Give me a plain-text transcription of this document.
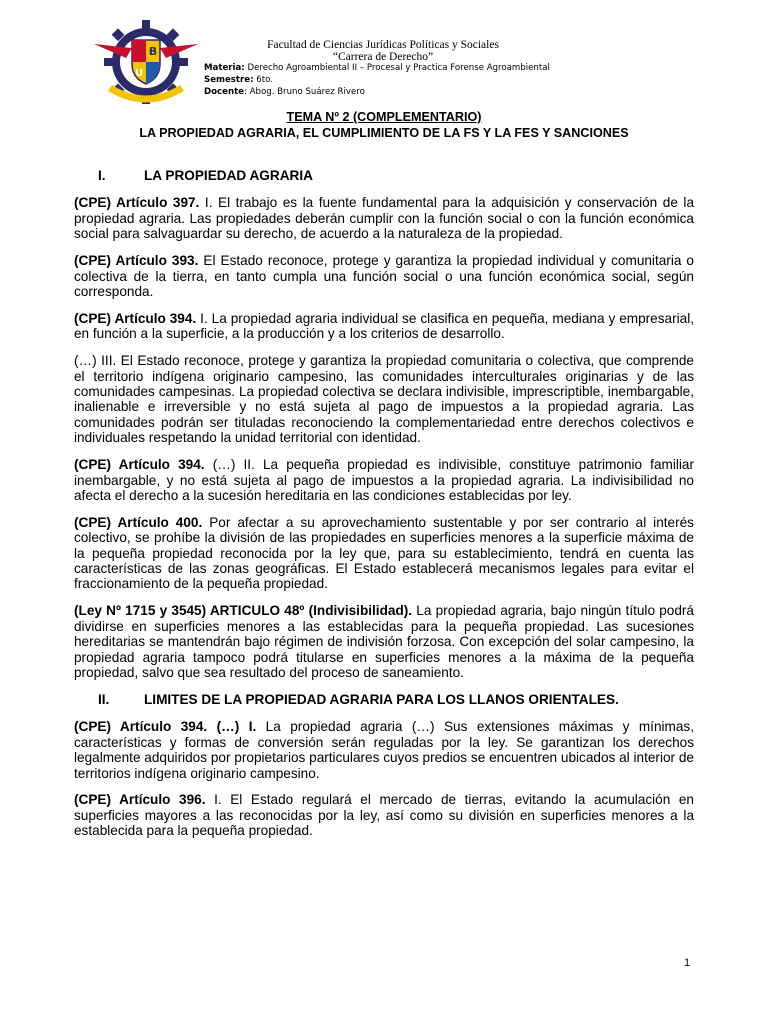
B
U
Facultad de Ciencias Jurídicas Políticas y Sociales
“Carrera de Derecho”
Materia: Derecho Agroambiental II – Procesal y Practica Forense Agroambiental
Semestre: 6to.
Docente: Abog. Bruno Suárez Rivero
TEMA Nº 2 (COMPLEMENTARIO)
LA PROPIEDAD AGRARIA, EL CUMPLIMIENTO DE LA FS Y LA FES Y SANCIONES
I.	LA PROPIEDAD AGRARIA
(CPE) Artículo 397. I. El trabajo es la fuente fundamental para la adquisición y conservación de la propiedad agraria. Las propiedades deberán cumplir con la función social o con la función económica social para salvaguardar su derecho, de acuerdo a la naturaleza de la propiedad.
(CPE) Artículo 393. El Estado reconoce, protege y garantiza la propiedad individual y comunitaria o colectiva de la tierra, en tanto cumpla una función social o una función económica social, según corresponda.
(CPE) Artículo 394. I. La propiedad agraria individual se clasifica en pequeña, mediana y empresarial, en función a la superficie, a la producción y a los criterios de desarrollo.
(…) III. El Estado reconoce, protege y garantiza la propiedad comunitaria o colectiva, que comprende el territorio indígena originario campesino, las comunidades interculturales originarias y de las comunidades campesinas. La propiedad colectiva se declara indivisible, imprescriptible, inembargable, inalienable e irreversible y no está sujeta al pago de impuestos a la propiedad agraria. Las comunidades podrán ser tituladas reconociendo la complementariedad entre derechos colectivos e individuales respetando la unidad territorial con identidad.
(CPE) Artículo 394. (…) II. La pequeña propiedad es indivisible, constituye patrimonio familiar inembargable, y no está sujeta al pago de impuestos a la propiedad agraria. La indivisibilidad no afecta el derecho a la sucesión hereditaria en las condiciones establecidas por ley.
(CPE) Artículo 400. Por afectar a su aprovechamiento sustentable y por ser contrario al interés colectivo, se prohíbe la división de las propiedades en superficies menores a la superficie máxima de la pequeña propiedad reconocida por la ley que, para su establecimiento, tendrá en cuenta las características de las zonas geográficas. El Estado establecerá mecanismos legales para evitar el fraccionamiento de la pequeña propiedad.
(Ley Nº 1715 y 3545) ARTICULO 48º (Indivisibilidad). La propiedad agraria, bajo ningún título podrá dividirse en superficies menores a las establecidas para la pequeña propiedad. Las sucesiones hereditarias se mantendrán bajo régimen de indivisión forzosa. Con excepción del solar campesino, la propiedad agraria tampoco podrá titularse en superficies menores a la máxima de la pequeña propiedad, salvo que sea resultado del proceso de saneamiento.
II.	LIMITES DE LA PROPIEDAD AGRARIA PARA LOS LLANOS ORIENTALES.
(CPE) Artículo 394. (…) I. La propiedad agraria (…) Sus extensiones máximas y mínimas, características y formas de conversión serán reguladas por la ley. Se garantizan los derechos legalmente adquiridos por propietarios particulares cuyos predios se encuentren ubicados al interior de territorios indígena originario campesino.
(CPE) Artículo 396. I. El Estado regulará el mercado de tierras, evitando la acumulación en superficies mayores a las reconocidas por la ley, así como su división en superficies menores a la establecida para la pequeña propiedad.
1
